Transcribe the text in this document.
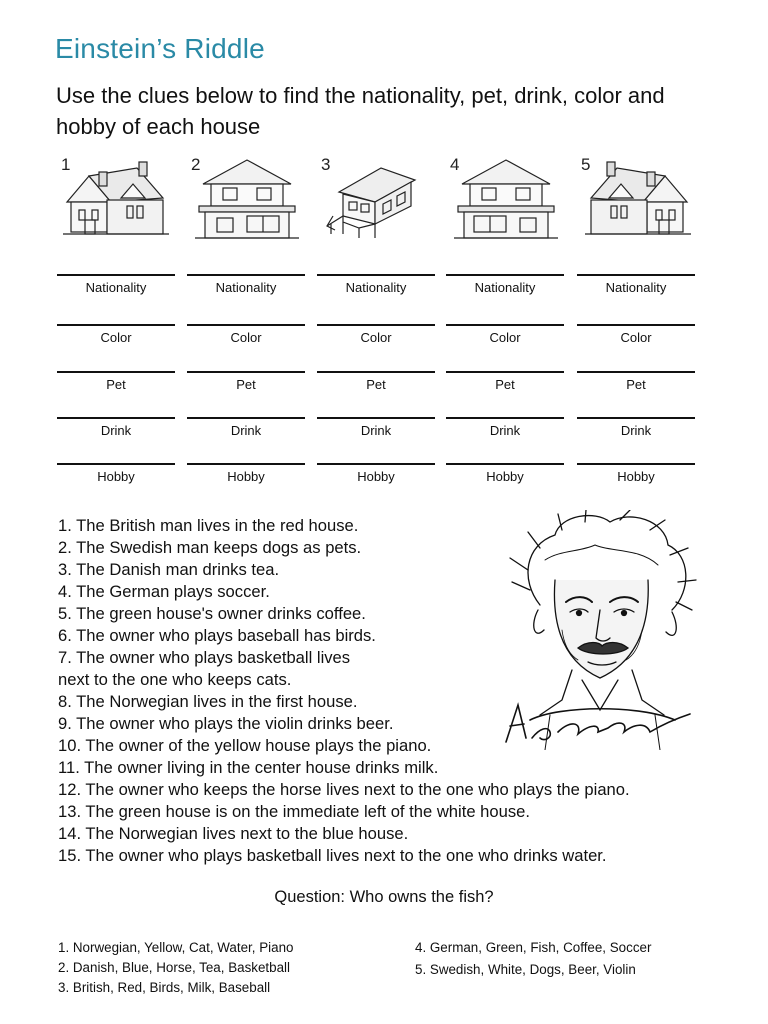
Einstein’s Riddle
Use the clues below to find the nationality, pet, drink, color and hobby of each house
1
Nationality
Color
Pet
Drink
Hobby
2
Nationality
Color
Pet
Drink
Hobby
3
Nationality
Color
Pet
Drink
Hobby
4
Nationality
Color
Pet
Drink
Hobby
5
Nationality
Color
Pet
Drink
Hobby
1. The British man lives in the red house.
2. The Swedish man keeps dogs as pets.
3. The Danish man drinks tea.
4. The German plays soccer.
5. The green house's owner drinks coffee.
6. The owner who plays baseball has birds.
7. The owner who plays basketball lives
next to the one who keeps cats.
8. The Norwegian lives in the first house.
9. The owner who plays the violin drinks beer.
10. The owner of the yellow house plays the piano.
11. The owner living in the center house drinks milk.
12. The owner who keeps the horse lives next to the one who plays the piano.
13. The green house is on the immediate left of the white house.
14. The Norwegian lives next to the blue house.
15. The owner who plays basketball lives next to the one who drinks water.
Question: Who owns the fish?
1. Norwegian, Yellow, Cat, Water, Piano
2. Danish, Blue, Horse, Tea, Basketball
3. British, Red, Birds, Milk, Baseball
4. German, Green, Fish, Coffee, Soccer
5. Swedish, White, Dogs, Beer, Violin
